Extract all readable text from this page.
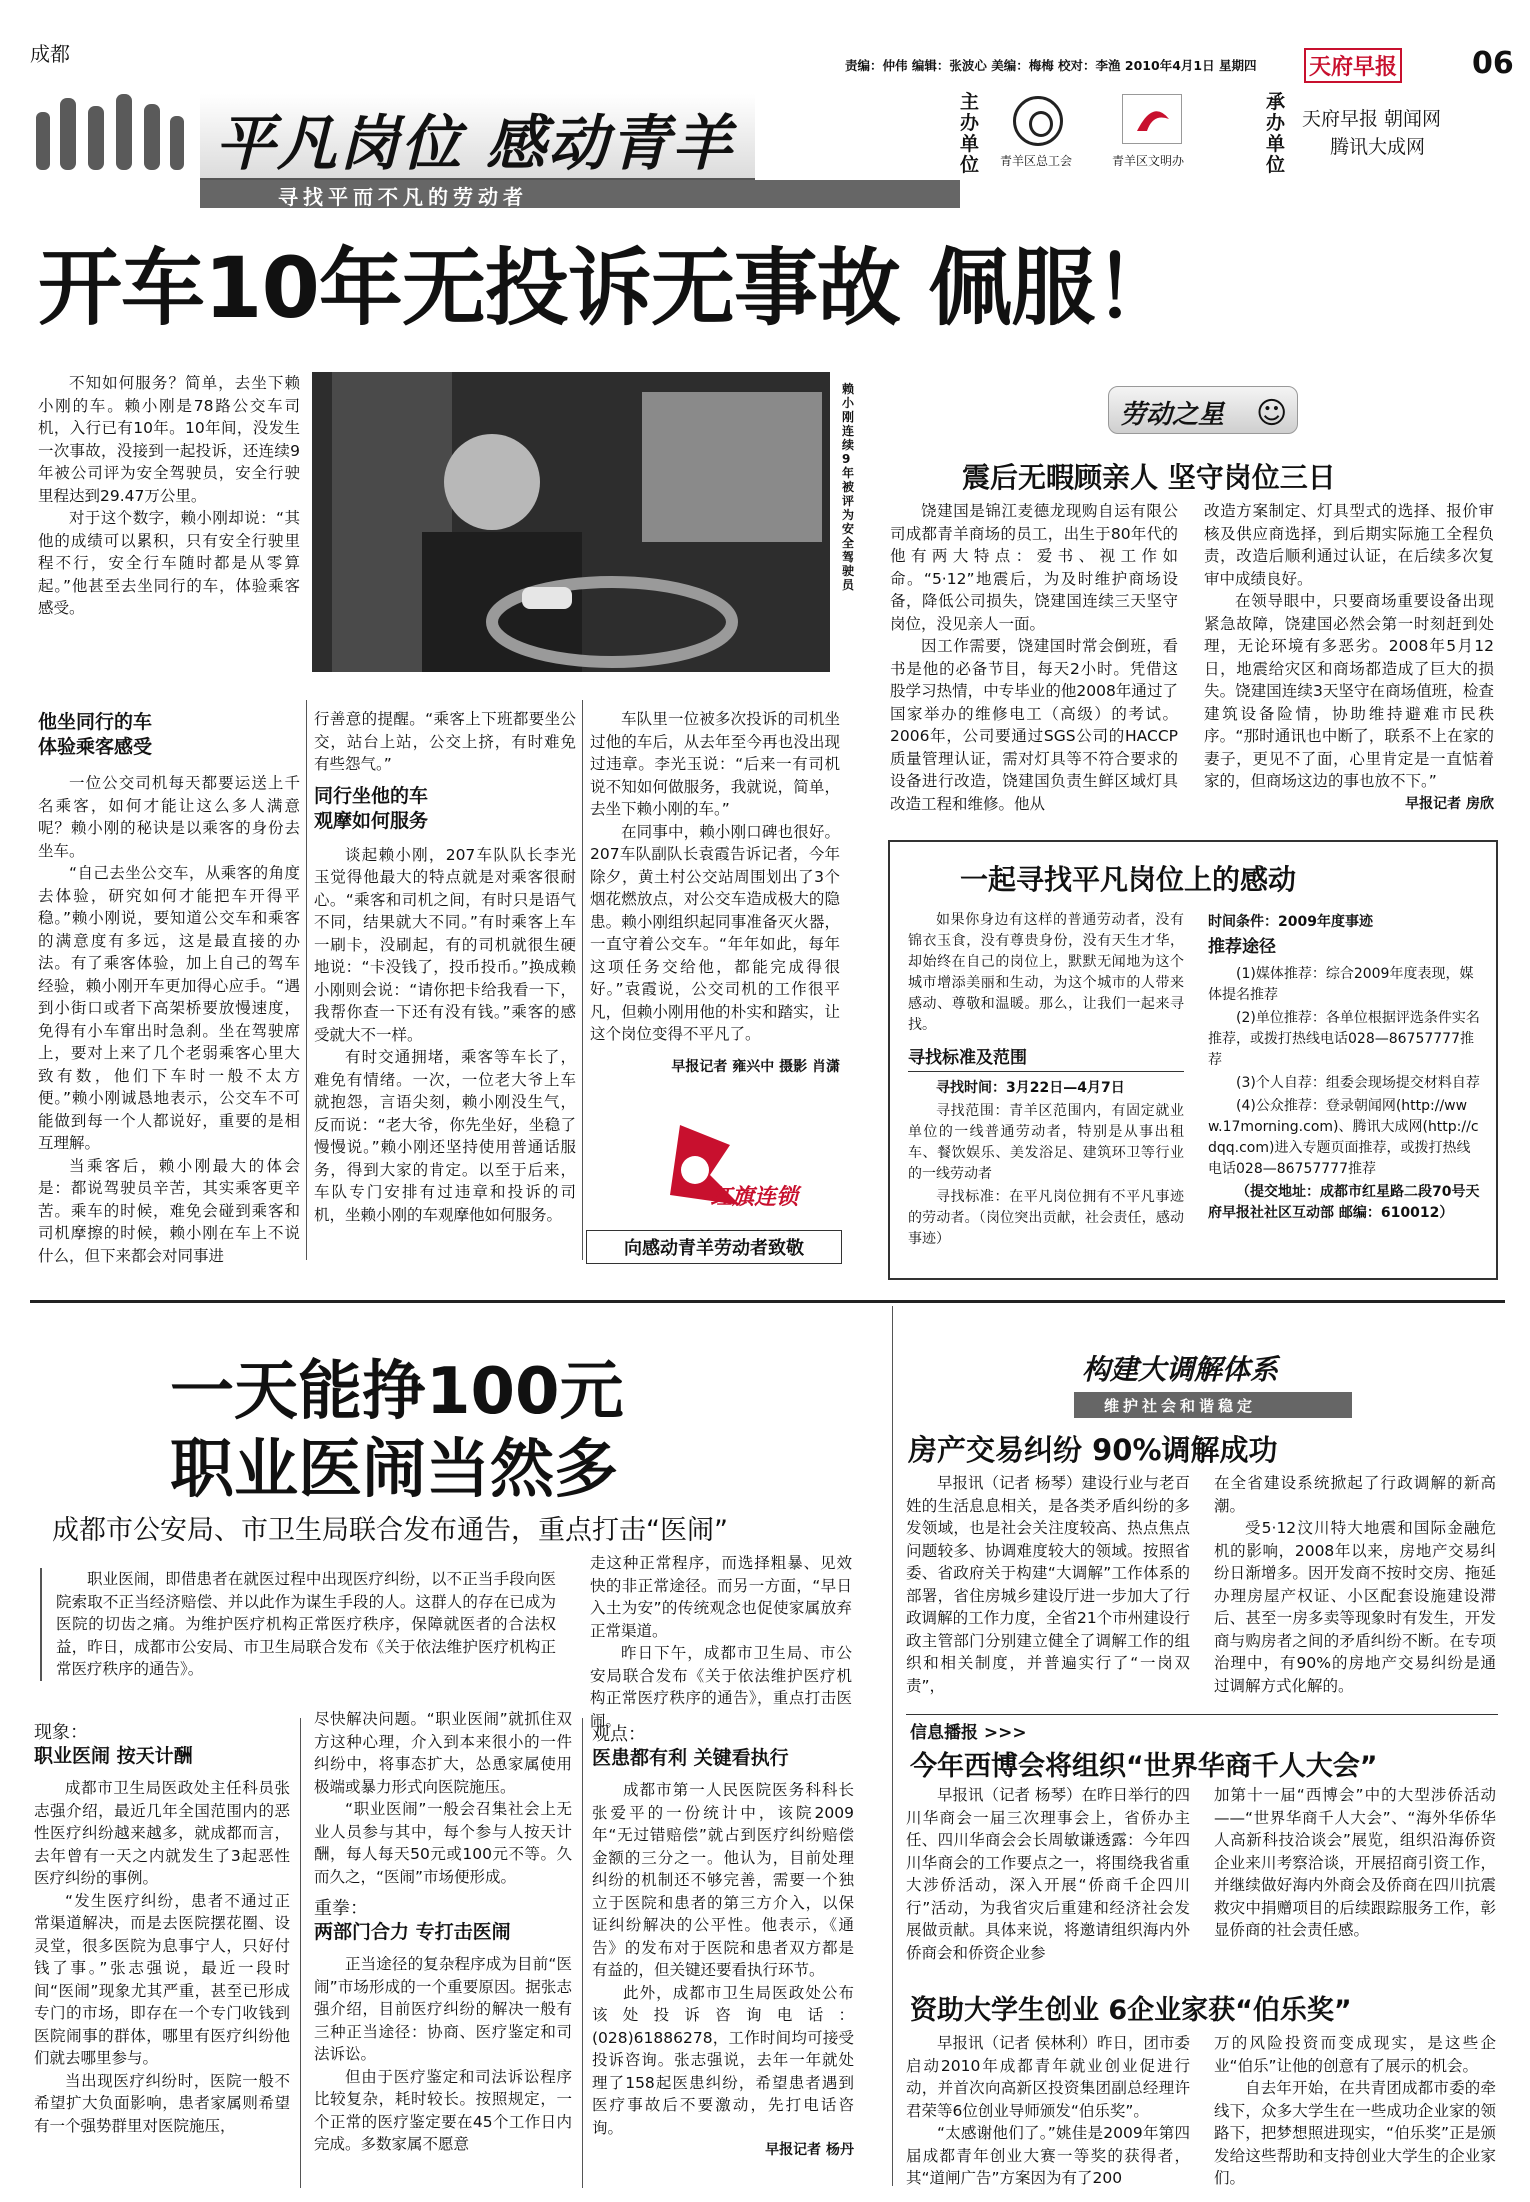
成都	责编：仲伟 编辑：张波心 美编：梅梅 校对：李渔 2010年4月1日 星期四 天府早报 06
平凡岗位 感动青羊
寻找平而不凡的劳动者
主办单位 青羊区总工会	青羊区文明办
承办单位
天府早报 朝闻网
腾讯大成网
开车10年无投诉无事故 佩服！

不知如何服务？简单，去坐下赖小刚的车。赖小刚是78路公交车司机，入行已有10年。10年间，没发生一次事故，没接到一起投诉，还连续9年被公司评为安全驾驶员，安全行驶里程达到29.47万公里。

对于这个数字，赖小刚却说：“其他的成绩可以累积，只有安全行驶里程不行，安全行车随时都是从零算起。”他甚至去坐同行的车，体验乘客感受。

赖小刚连续9年被评为安全驾驶员
他坐同行的车
体验乘客感受

一位公交司机每天都要运送上千名乘客，如何才能让这么多人满意呢？赖小刚的秘诀是以乘客的身份去坐车。

“自己去坐公交车，从乘客的角度去体验，研究如何才能把车开得平稳。”赖小刚说，要知道公交车和乘客的满意度有多远，这是最直接的办法。有了乘客体验，加上自己的驾车经验，赖小刚开车更加得心应手。“遇到小街口或者下高架桥要放慢速度，免得有小车窜出时急刹。坐在驾驶席上，要对上来了几个老弱乘客心里大致有数，他们下车时一般不太方便。”赖小刚诚恳地表示，公交车不可能做到每一个人都说好，重要的是相互理解。

当乘客后，赖小刚最大的体会是：都说驾驶员辛苦，其实乘客更辛苦。乘车的时候，难免会碰到乘客和司机摩擦的时候，赖小刚在车上不说什么，但下来都会对同事进

行善意的提醒。“乘客上下班都要坐公交，站台上站，公交上挤，有时难免有些怨气。”

同行坐他的车
观摩如何服务

谈起赖小刚，207车队队长李光玉觉得他最大的特点就是对乘客很耐心。“乘客和司机之间，有时只是语气不同，结果就大不同。”有时乘客上车一刷卡，没刷起，有的司机就很生硬地说：“卡没钱了，投币投币。”换成赖小刚则会说：“请你把卡给我看一下，我帮你查一下还有没有钱。”乘客的感受就大不一样。

有时交通拥堵，乘客等车长了，难免有情绪。一次，一位老大爷上车就抱怨，言语尖刻，赖小刚没生气，反而说：“老大爷，你先坐好，坐稳了慢慢说。”赖小刚还坚持使用普通话服务，得到大家的肯定。以至于后来，车队专门安排有过违章和投诉的司机，坐赖小刚的车观摩他如何服务。

车队里一位被多次投诉的司机坐过他的车后，从去年至今再也没出现过违章。李光玉说：“后来一有司机说不知如何做服务，我就说，简单，去坐下赖小刚的车。”

在同事中，赖小刚口碑也很好。207车队副队长袁霞告诉记者，今年除夕，黄土村公交站周围划出了3个烟花燃放点，对公交车造成极大的隐患。赖小刚组织起同事准备灭火器，一直守着公交车。“年年如此，每年这项任务交给他，都能完成得很好。”袁霞说，公交司机的工作很平凡，但赖小刚用他的朴实和踏实，让这个岗位变得不平凡了。

早报记者 雍兴中 摄影 肖潇
红旗连锁
向感动青羊劳动者致敬
劳动之星 ☺
震后无暇顾亲人 坚守岗位三日

饶建国是锦江麦德龙现购自运有限公司成都青羊商场的员工，出生于80年代的他有两大特点：爱书、视工作如命。“5·12”地震后，为及时维护商场设备，降低公司损失，饶建国连续三天坚守岗位，没见亲人一面。

因工作需要，饶建国时常会倒班，看书是他的必备节目，每天2小时。凭借这股学习热情，中专毕业的他2008年通过了国家举办的维修电工（高级）的考试。2006年，公司要通过SGS公司的HACCP质量管理认证，需对灯具等不符合要求的设备进行改造，饶建国负责生鲜区域灯具改造工程和维修。他从

改造方案制定、灯具型式的选择、报价审核及供应商选择，到后期实际施工全程负责，改造后顺利通过认证，在后续多次复审中成绩良好。

在领导眼中，只要商场重要设备出现紧急故障，饶建国必然会第一时刻赶到处理，无论环境有多恶劣。2008年5月12日，地震给灾区和商场都造成了巨大的损失。饶建国连续3天坚守在商场值班，检查建筑设备险情，协助维持避难市民秩序。“那时通讯也中断了，联系不上在家的妻子，更见不了面，心里肯定是一直惦着家的，但商场这边的事也放不下。”

早报记者 房欣
一起寻找平凡岗位上的感动

如果你身边有这样的普通劳动者，没有锦衣玉食，没有尊贵身份，没有天生才华，却始终在自己的岗位上，默默无闻地为这个城市增添美丽和生动，为这个城市的人带来感动、尊敬和温暖。那么，让我们一起来寻找。

寻找标准及范围

寻找时间：3月22日—4月7日

寻找范围：青羊区范围内，有固定就业单位的一线普通劳动者，特别是从事出租车、餐饮娱乐、美发浴足、建筑环卫等行业的一线劳动者

寻找标准：在平凡岗位拥有不平凡事迹的劳动者。（岗位突出贡献，社会责任，感动事迹）

时间条件：2009年度事迹

推荐途径

(1)媒体推荐：综合2009年度表现，媒体提名推荐

(2)单位推荐：各单位根据评选条件实名推荐，或拨打热线电话028—86757777推荐

(3)个人自荐：组委会现场提交材料自荐

(4)公众推荐：登录朝闻网(http://www.17morning.com)、腾讯大成网(http://cdqq.com)进入专题页面推荐，或拨打热线电话028—86757777推荐

（提交地址：成都市红星路二段70号天府早报社社区互动部 邮编：610012）

一天能挣100元
职业医闹当然多
成都市公安局、市卫生局联合发布通告，重点打击“医闹”

职业医闹，即借患者在就医过程中出现医疗纠纷，以不正当手段向医院索取不正当经济赔偿、并以此作为谋生手段的人。这群人的存在已成为医院的切齿之痛。为维护医疗机构正常医疗秩序，保障就医者的合法权益，昨日，成都市公安局、市卫生局联合发布《关于依法维护医疗机构正常医疗秩序的通告》。

走这种正常程序，而选择粗暴、见效快的非正常途径。而另一方面，“早日入土为安”的传统观念也促使家属放弃正常渠道。

昨日下午，成都市卫生局、市公安局联合发布《关于依法维护医疗机构正常医疗秩序的通告》，重点打击医闹。

现象：
职业医闹 按天计酬

成都市卫生局医政处主任科员张志强介绍，最近几年全国范围内的恶性医疗纠纷越来越多，就成都而言，去年曾有一天之内就发生了3起恶性医疗纠纷的事例。

“发生医疗纠纷，患者不通过正常渠道解决，而是去医院摆花圈、设灵堂，很多医院为息事宁人，只好付钱了事。”张志强说，最近一段时间“医闹”现象尤其严重，甚至已形成专门的市场，即存在一个专门收钱到医院闹事的群体，哪里有医疗纠纷他们就去哪里参与。

当出现医疗纠纷时，医院一般不希望扩大负面影响，患者家属则希望有一个强势群里对医院施压，

尽快解决问题。“职业医闹”就抓住双方这种心理，介入到本来很小的一件纠纷中，将事态扩大，怂恿家属使用极端或暴力形式向医院施压。

“职业医闹”一般会召集社会上无业人员参与其中，每个参与人按天计酬，每人每天50元或100元不等。久而久之，“医闹”市场便形成。

重拳：
两部门合力 专打击医闹

正当途径的复杂程序成为目前“医闹”市场形成的一个重要原因。据张志强介绍，目前医疗纠纷的解决一般有三种正当途径：协商、医疗鉴定和司法诉讼。

但由于医疗鉴定和司法诉讼程序比较复杂，耗时较长。按照规定，一个正常的医疗鉴定要在45个工作日内完成。多数家属不愿意

观点：
医患都有利 关键看执行

成都市第一人民医院医务科科长张爱平的一份统计中，该院2009年“无过错赔偿”就占到医疗纠纷赔偿金额的三分之一。他认为，目前处理纠纷的机制还不够完善，需要一个独立于医院和患者的第三方介入，以保证纠纷解决的公平性。他表示，《通告》的发布对于医院和患者双方都是有益的，但关键还要看执行环节。

此外，成都市卫生局医政处公布该处投诉咨询电话：(028)61886278，工作时间均可接受投诉咨询。张志强说，去年一年就处理了158起医患纠纷，希望患者遇到医疗事故后不要激动，先打电话咨询。

早报记者 杨丹
构建大调解体系
维护社会和谐稳定
房产交易纠纷 90%调解成功

早报讯（记者 杨琴）建设行业与老百姓的生活息息相关，是各类矛盾纠纷的多发领域，也是社会关注度较高、热点焦点问题较多、协调难度较大的领域。按照省委、省政府关于构建“大调解”工作体系的部署，省住房城乡建设厅进一步加大了行政调解的工作力度，全省21个市州建设行政主管部门分别建立健全了调解工作的组织和相关制度，并普遍实行了“一岗双责”，

在全省建设系统掀起了行政调解的新高潮。

受5·12汶川特大地震和国际金融危机的影响，2008年以来，房地产交易纠纷日渐增多。因开发商不按时交房、拖延办理房屋产权证、小区配套设施建设滞后、甚至一房多卖等现象时有发生，开发商与购房者之间的矛盾纠纷不断。在专项治理中，有90%的房地产交易纠纷是通过调解方式化解的。

信息播报 >>>
今年西博会将组织“世界华商千人大会”

早报讯（记者 杨琴）在昨日举行的四川华商会一届三次理事会上，省侨办主任、四川华商会会长周敏谦透露：今年四川华商会的工作要点之一，将围绕我省重大涉侨活动，深入开展“侨商千企四川行”活动，为我省灾后重建和经济社会发展做贡献。具体来说，将邀请组织海内外侨商会和侨资企业参

加第十一届“西博会”中的大型涉侨活动——“世界华商千人大会”、“海外华侨华人高新科技洽谈会”展览，组织沿海侨资企业来川考察洽谈，开展招商引资工作，并继续做好海内外商会及侨商在四川抗震救灾中捐赠项目的后续跟踪服务工作，彰显侨商的社会责任感。

资助大学生创业 6企业家获“伯乐奖”

早报讯（记者 侯林利）昨日，团市委启动2010年成都青年就业创业促进行动，并首次向高新区投资集团副总经理许君荣等6位创业导师颁发“伯乐奖”。

“太感谢他们了。”姚佳是2009年第四届成都青年创业大赛一等奖的获得者，其“道闸广告”方案因为有了200

万的风险投资而变成现实，是这些企业“伯乐”让他的创意有了展示的机会。

自去年开始，在共青团成都市委的牵线下，众多大学生在一些成功企业家的领路下，把梦想照进现实，“伯乐奖”正是颁发给这些帮助和支持创业大学生的企业家们。
